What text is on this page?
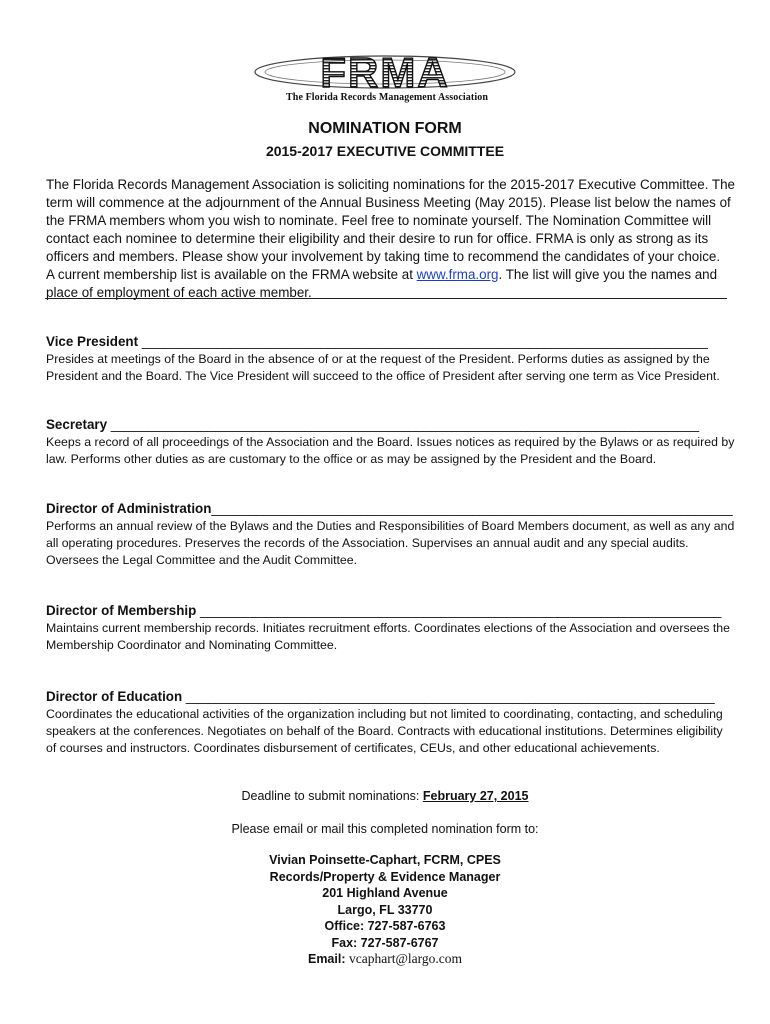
FRMA
The Florida Records Management Association
NOMINATION FORM
2015-2017 EXECUTIVE COMMITTEE

The Florida Records Management Association is soliciting nominations for the 2015-2017 Executive Committee. The term will commence at the adjournment of the Annual Business Meeting (May 2015). Please list below the names of the FRMA members whom you wish to nominate. Feel free to nominate yourself. The Nomination Committee will contact each nominee to determine their eligibility and their desire to run for office. FRMA is only as strong as its officers and members. Please show your involvement by taking time to recommend the candidates of your choice.

A current membership list is available on the FRMA website at www.frma.org. The list will give you the names and place of employment of each active member.

Vice President ____________________________________________________________________________
Presides at meetings of the Board in the absence of or at the request of the President. Performs duties as assigned by the President and the Board. The Vice President will succeed to the office of President after serving one term as Vice President.
Secretary _______________________________________________________________________________
Keeps a record of all proceedings of the Association and the Board. Issues notices as required by the Bylaws or as required by law. Performs other duties as are customary to the office or as may be assigned by the President and the Board.
Director of Administration______________________________________________________________________
Performs an annual review of the Bylaws and the Duties and Responsibilities of Board Members document, as well as any and all operating procedures. Preserves the records of the Association. Supervises an annual audit and any special audits. Oversees the Legal Committee and the Audit Committee.
Director of Membership ______________________________________________________________________
Maintains current membership records. Initiates recruitment efforts. Coordinates elections of the Association and oversees the Membership Coordinator and Nominating Committee.
Director of Education _______________________________________________________________________
Coordinates the educational activities of the organization including but not limited to coordinating, contacting, and scheduling speakers at the conferences. Negotiates on behalf of the Board. Contracts with educational institutions. Determines eligibility of courses and instructors. Coordinates disbursement of certificates, CEUs, and other educational achievements.
Deadline to submit nominations: February 27, 2015
Please email or mail this completed nomination form to:
Vivian Poinsette-Caphart, FCRM, CPES
Records/Property & Evidence Manager
201 Highland Avenue
Largo, FL 33770
Office: 727-587-6763
Fax: 727-587-6767
Email: vcaphart@largo.com
